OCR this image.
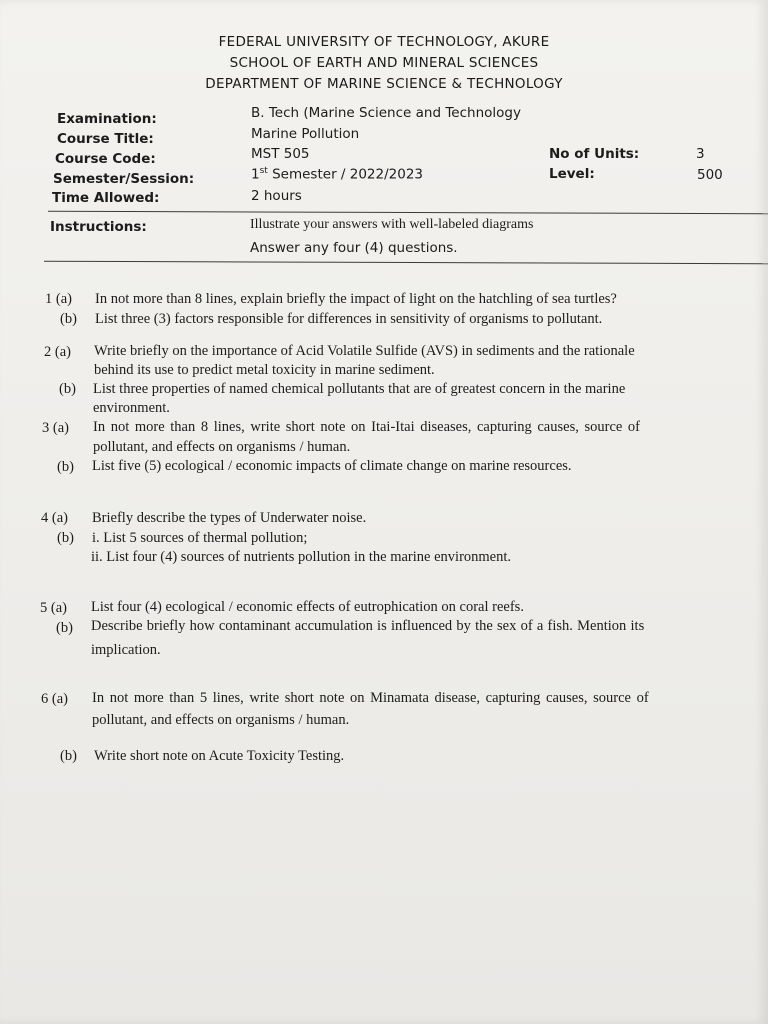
FEDERAL UNIVERSITY OF TECHNOLOGY, AKURE
SCHOOL OF EARTH AND MINERAL SCIENCES
DEPARTMENT OF MARINE SCIENCE & TECHNOLOGY
Examination:	B. Tech (Marine Science and Technology
Course Title:	Marine Pollution
Course Code:	MST 505	No of Units:	3
Semester/Session:	1st Semester / 2022/2023	Level:	500
Time Allowed:	2 hours
Instructions:	Illustrate your answers with well-labeled diagrams
Answer any four (4) questions.
1 (a) In not more than 8 lines, explain briefly the impact of light on the hatchling of sea turtles?
(b) List three (3) factors responsible for differences in sensitivity of organisms to pollutant.
2 (a) Write briefly on the importance of Acid Volatile Sulfide (AVS) in sediments and the rationale
behind its use to predict metal toxicity in marine sediment.
(b) List three properties of named chemical pollutants that are of greatest concern in the marine
environment.
3 (a) In not more than 8 lines, write short note on Itai-Itai diseases, capturing causes, source of
pollutant, and effects on organisms / human.
(b) List five (5) ecological / economic impacts of climate change on marine resources.
4 (a) Briefly describe the types of Underwater noise.
(b) i. List 5 sources of thermal pollution;
ii. List four (4) sources of nutrients pollution in the marine environment.
5 (a) List four (4) ecological / economic effects of eutrophication on coral reefs.
(b) Describe briefly how contaminant accumulation is influenced by the sex of a fish. Mention its
implication.
6 (a) In not more than 5 lines, write short note on Minamata disease, capturing causes, source of
pollutant, and effects on organisms / human.
(b) Write short note on Acute Toxicity Testing.
